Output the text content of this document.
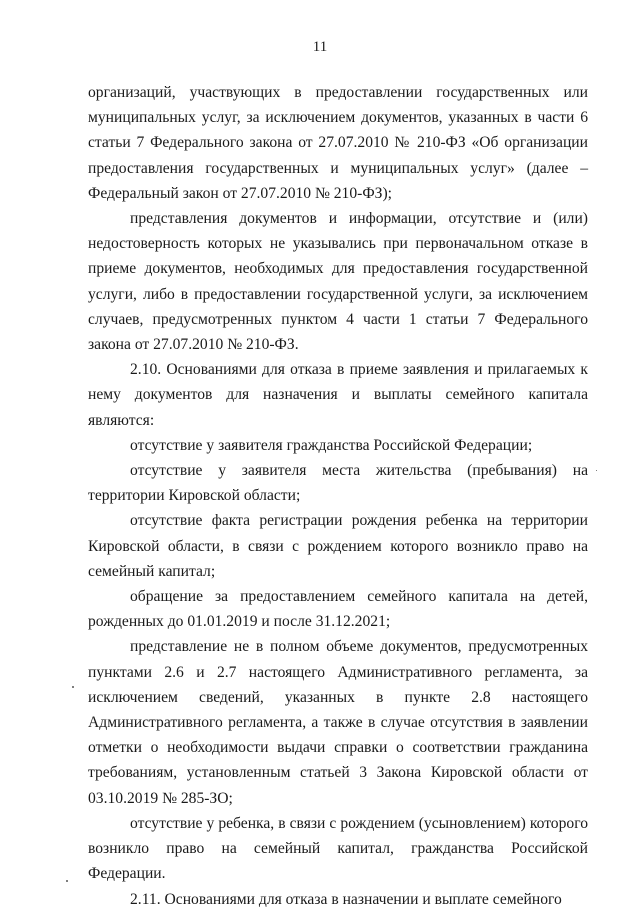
11

организаций, участвующих в предоставлении государственных или муниципальных услуг, за исключением документов, указанных в части 6 статьи 7 Федерального закона от 27.07.2010 № 210-ФЗ «Об организации предоставления государственных и муниципальных услуг» (далее – Федеральный закон от 27.07.2010 № 210-ФЗ);

представления документов и информации, отсутствие и (или) недостоверность которых не указывались при первоначальном отказе в приеме документов, необходимых для предоставления государственной услуги, либо в предоставлении государственной услуги, за исключением случаев, предусмотренных пунктом 4 части 1 статьи 7 Федерального закона от 27.07.2010 № 210-ФЗ.

2.10. Основаниями для отказа в приеме заявления и прилагаемых к нему документов для назначения и выплаты семейного капитала являются:

отсутствие у заявителя гражданства Российской Федерации;

отсутствие у заявителя места жительства (пребывания) на территории Кировской области;

отсутствие факта регистрации рождения ребенка на территории Кировской области, в связи с рождением которого возникло право на семейный капитал;

обращение за предоставлением семейного капитала на детей, рожденных до 01.01.2019 и после 31.12.2021;

представление не в полном объеме документов, предусмотренных пунктами 2.6 и 2.7 настоящего Административного регламента, за исключением сведений, указанных в пункте 2.8 настоящего Административного регламента, а также в случае отсутствия в заявлении отметки о необходимости выдачи справки о соответствии гражданина требованиям, установленным статьей 3 Закона Кировской области от 03.10.2019 № 285-ЗО;

отсутствие у ребенка, в связи с рождением (усыновлением) которого возникло право на семейный капитал, гражданства Российской Федерации.

2.11. Основаниями для отказа в назначении и выплате семейного
